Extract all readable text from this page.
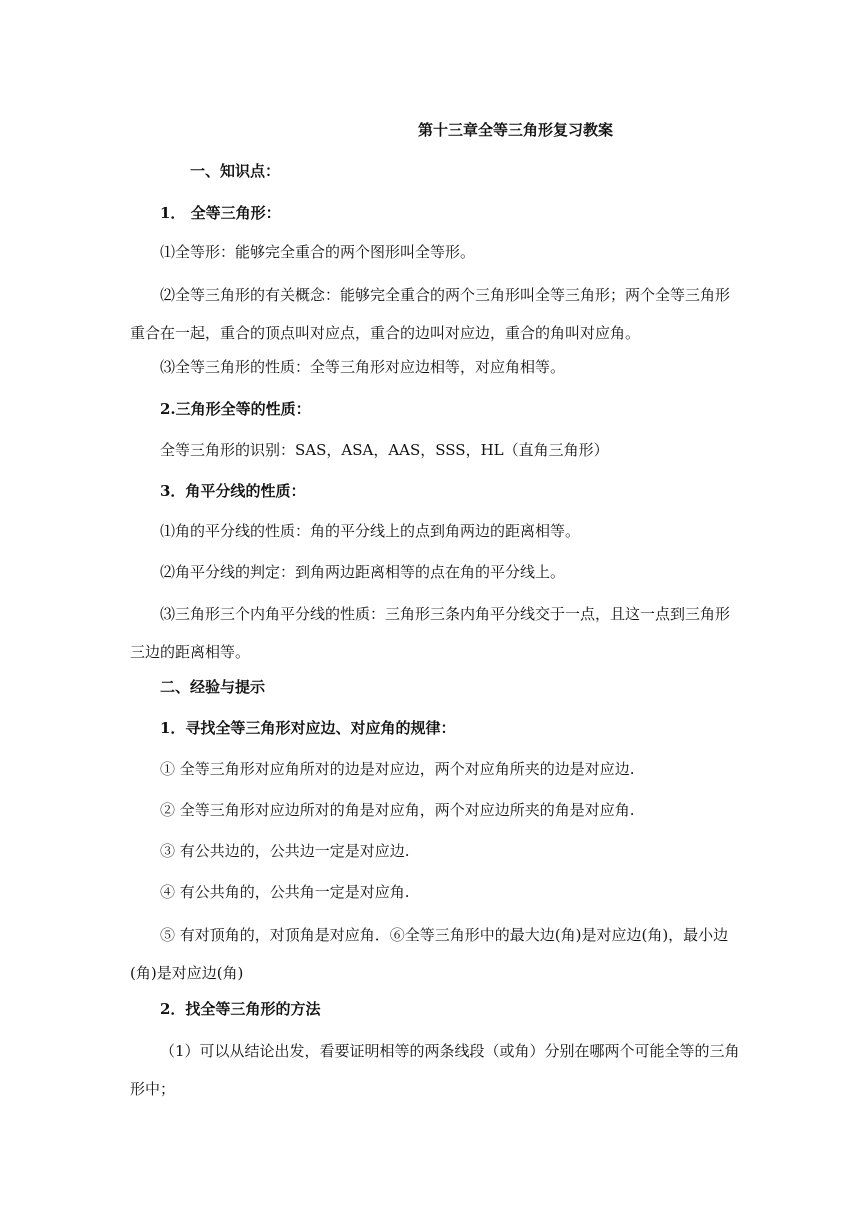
第十三章全等三角形复习教案
一、知识点：
1． 全等三角形：
⑴全等形：能够完全重合的两个图形叫全等形。
⑵全等三角形的有关概念：能够完全重合的两个三角形叫全等三角形；两个全等三角形重合在一起，重合的顶点叫对应点，重合的边叫对应边，重合的角叫对应角。
⑶全等三角形的性质：全等三角形对应边相等，对应角相等。
2.三角形全等的性质：
全等三角形的识别：SAS，ASA，AAS，SSS，HL（直角三角形）
3．角平分线的性质：
⑴角的平分线的性质：角的平分线上的点到角两边的距离相等。
⑵角平分线的判定：到角两边距离相等的点在角的平分线上。
⑶三角形三个内角平分线的性质：三角形三条内角平分线交于一点，且这一点到三角形三边的距离相等。
二、经验与提示
1．寻找全等三角形对应边、对应角的规律：
① 全等三角形对应角所对的边是对应边，两个对应角所夹的边是对应边.
② 全等三角形对应边所对的角是对应角，两个对应边所夹的角是对应角.
③ 有公共边的，公共边一定是对应边.
④ 有公共角的，公共角一定是对应角.
⑤ 有对顶角的，对顶角是对应角．⑥全等三角形中的最大边(角)是对应边(角)，最小边(角)是对应边(角)
2．找全等三角形的方法
（1）可以从结论出发，看要证明相等的两条线段（或角）分别在哪两个可能全等的三角形中；
